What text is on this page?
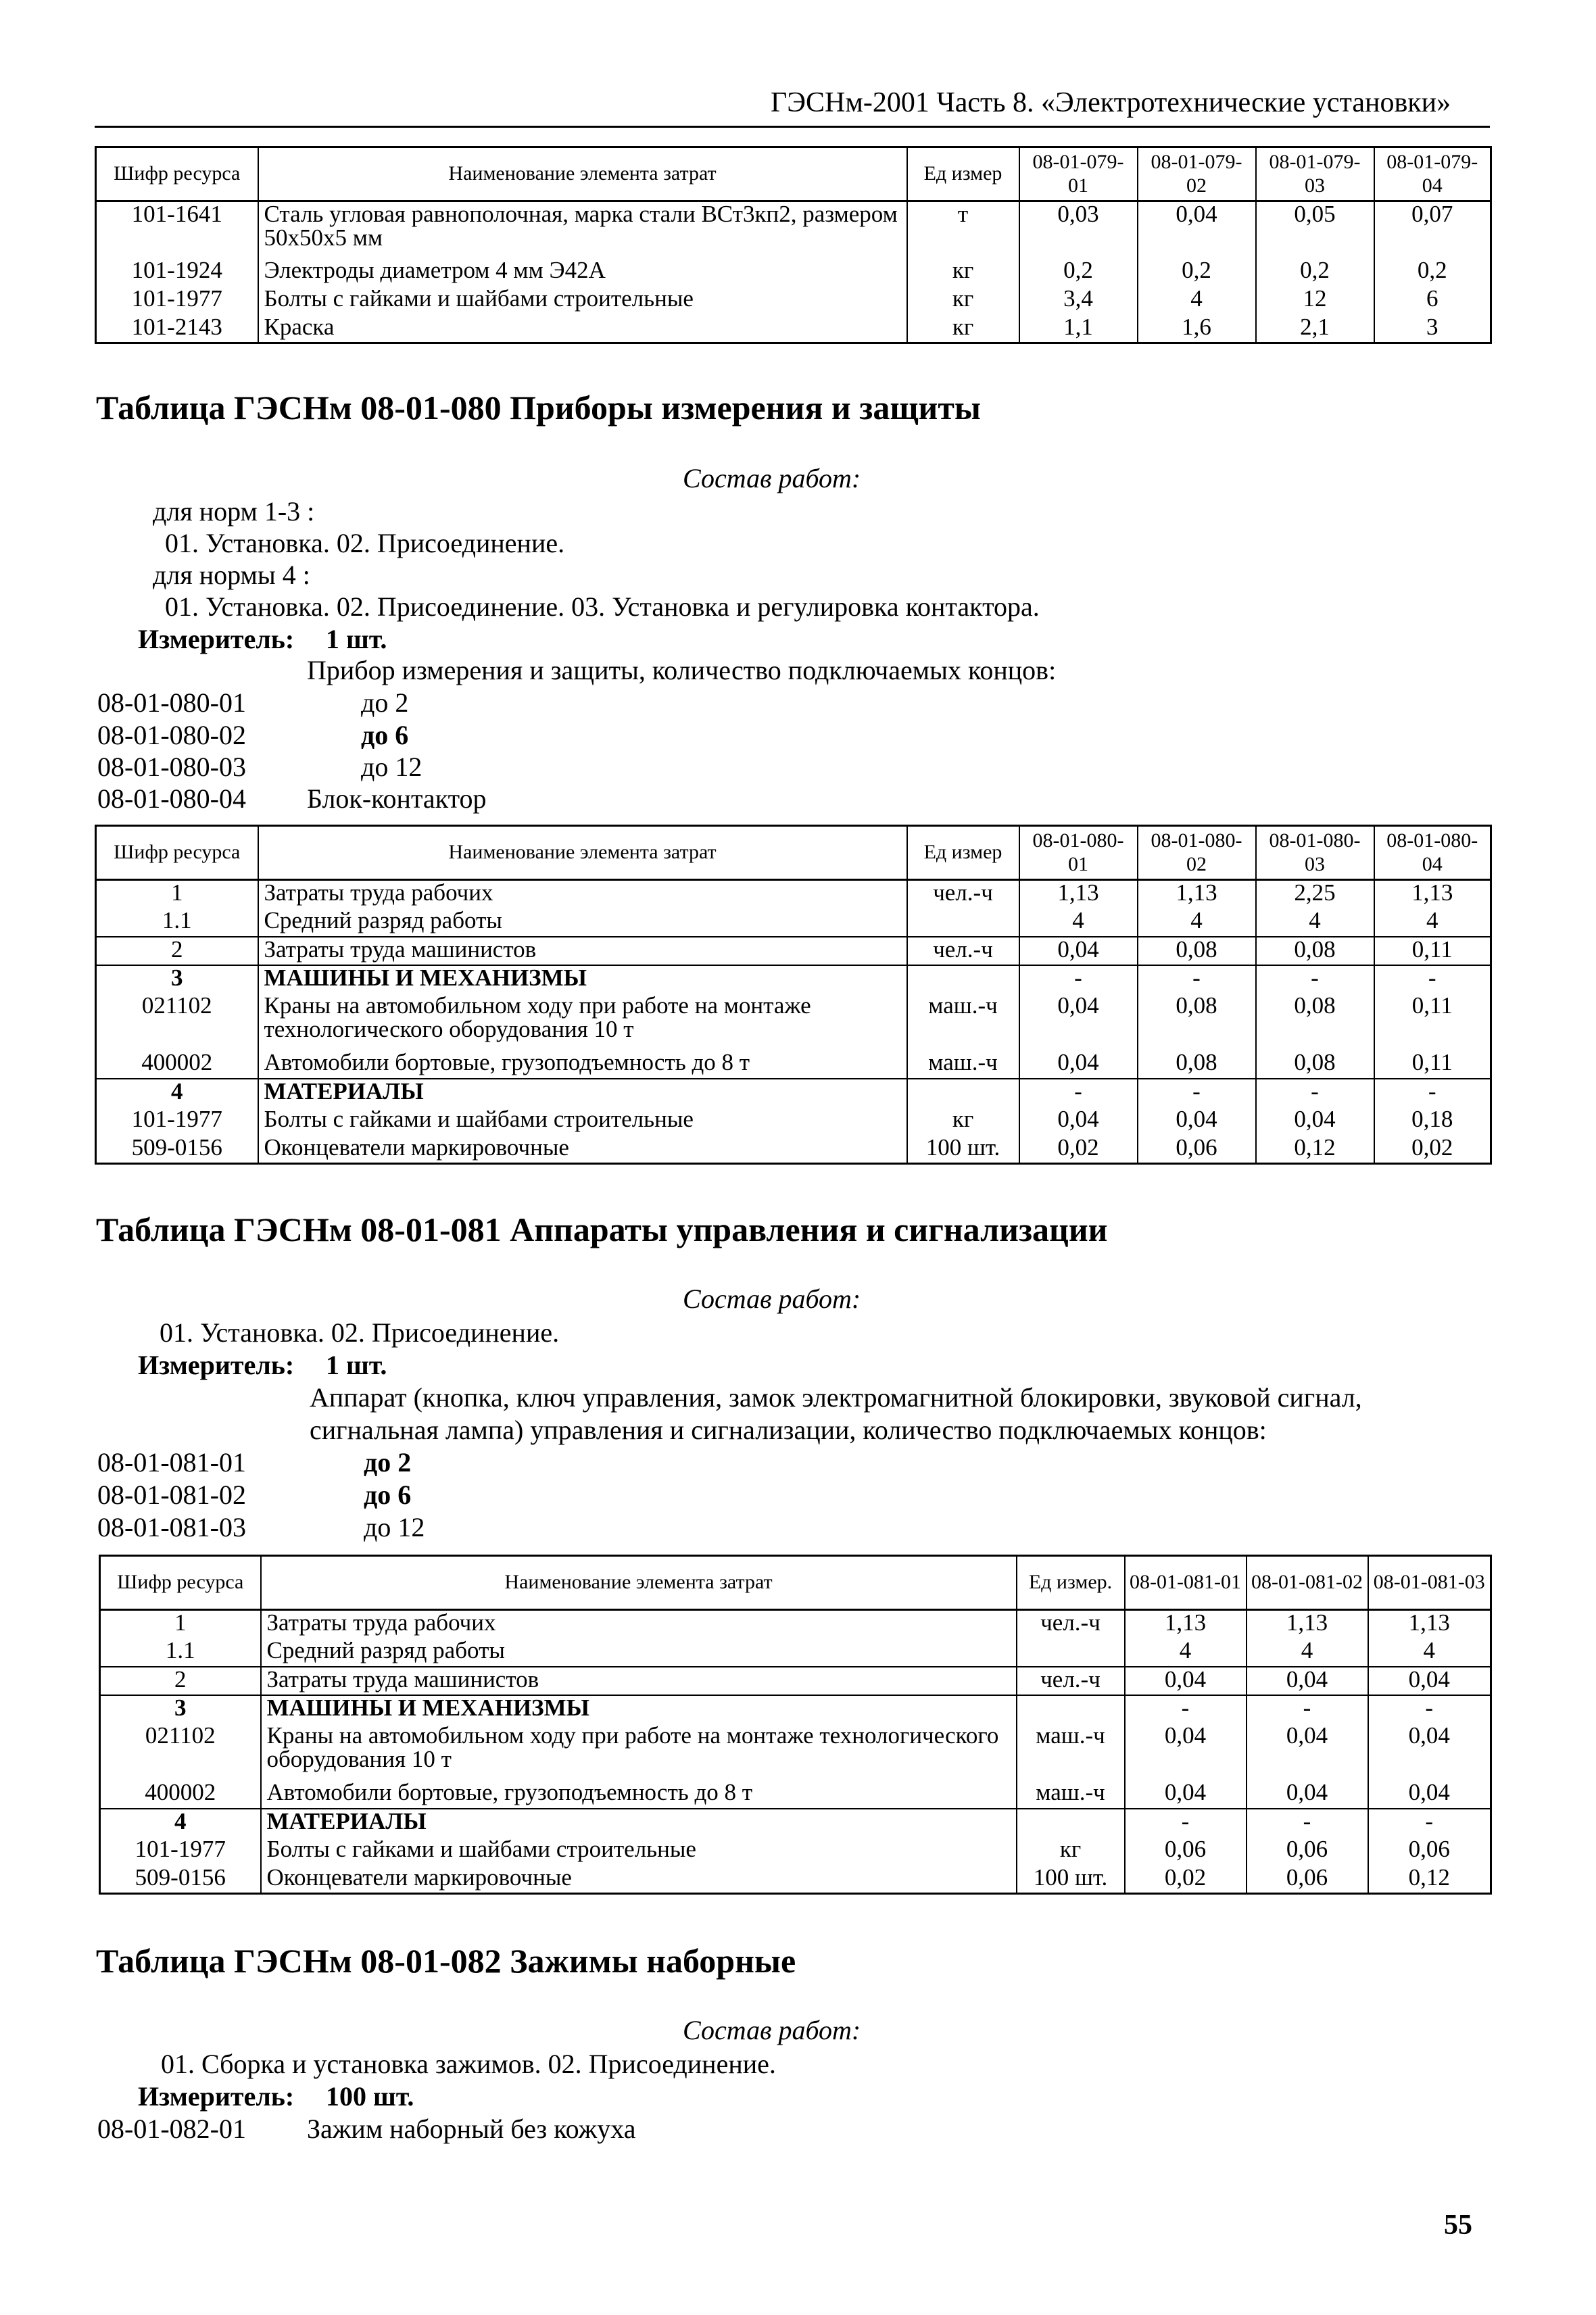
ГЭСНм-2001 Часть 8. «Электротехнические установки»
Шифр ресурса	Наименование элемента затрат	Ед измер	08-01-079-01	08-01-079-02	08-01-079-03	08-01-079-04
101-1641	Сталь угловая равнополочная, марка стали ВСт3кп2, размером 50х50х5 мм	т	0,03	0,04	0,05	0,07
101-1924	Электроды диаметром 4 мм Э42А	кг	0,2	0,2	0,2	0,2
101-1977	Болты с гайками и шайбами строительные	кг	3,4	4	12	6
101-2143	Краска	кг	1,1	1,6	2,1	3
Таблица ГЭСНм 08-01-080 Приборы измерения и защиты
Состав работ:
для норм 1-3 :
01. Установка. 02. Присоединение.
для нормы 4 :
01. Установка. 02. Присоединение. 03. Установка и регулировка контактора.
Измеритель: 1 шт.
Прибор измерения и защиты, количество подключаемых концов:
08-01-080-01	до 2
08-01-080-02	до 6
08-01-080-03	до 12
08-01-080-04 Блок-контактор
Шифр ресурса	Наименование элемента затрат	Ед измер	08-01-080-01	08-01-080-02	08-01-080-03	08-01-080-04
1	Затраты труда рабочих	чел.-ч	1,13	1,13	2,25	1,13
1.1	Средний разряд работы		4	4	4	4
2	Затраты труда машинистов	чел.-ч	0,04	0,08	0,08	0,11
3	МАШИНЫ И МЕХАНИЗМЫ		-	-	-	-
021102	Краны на автомобильном ходу при работе на монтаже технологического оборудования 10 т	маш.-ч	0,04	0,08	0,08	0,11
400002	Автомобили бортовые, грузоподъемность до 8 т	маш.-ч	0,04	0,08	0,08	0,11
4	МАТЕРИАЛЫ		-	-	-	-
101-1977	Болты с гайками и шайбами строительные	кг	0,04	0,04	0,04	0,18
509-0156	Оконцеватели маркировочные	100 шт.	0,02	0,06	0,12	0,02
Таблица ГЭСНм 08-01-081 Аппараты управления и сигнализации
Состав работ:
01. Установка. 02. Присоединение.
Измеритель: 1 шт.
Аппарат (кнопка, ключ управления, замок электромагнитной блокировки, звуковой сигнал,
сигнальная лампа) управления и сигнализации, количество подключаемых концов:
08-01-081-01	до 2
08-01-081-02	до 6
08-01-081-03	до 12
Шифр ресурса	Наименование элемента затрат	Ед измер.	08-01-081-01	08-01-081-02	08-01-081-03
1	Затраты труда рабочих	чел.-ч	1,13	1,13	1,13
1.1	Средний разряд работы		4	4	4
2	Затраты труда машинистов	чел.-ч	0,04	0,04	0,04
3	МАШИНЫ И МЕХАНИЗМЫ		-	-	-
021102	Краны на автомобильном ходу при работе на монтаже технологического оборудования 10 т	маш.-ч	0,04	0,04	0,04
400002	Автомобили бортовые, грузоподъемность до 8 т	маш.-ч	0,04	0,04	0,04
4	МАТЕРИАЛЫ		-	-	-
101-1977	Болты с гайками и шайбами строительные	кг	0,06	0,06	0,06
509-0156	Оконцеватели маркировочные	100 шт.	0,02	0,06	0,12
Таблица ГЭСНм 08-01-082 Зажимы наборные
Состав работ:
01. Сборка и установка зажимов. 02. Присоединение.
Измеритель: 100 шт.
08-01-082-01 Зажим наборный без кожуха
55
